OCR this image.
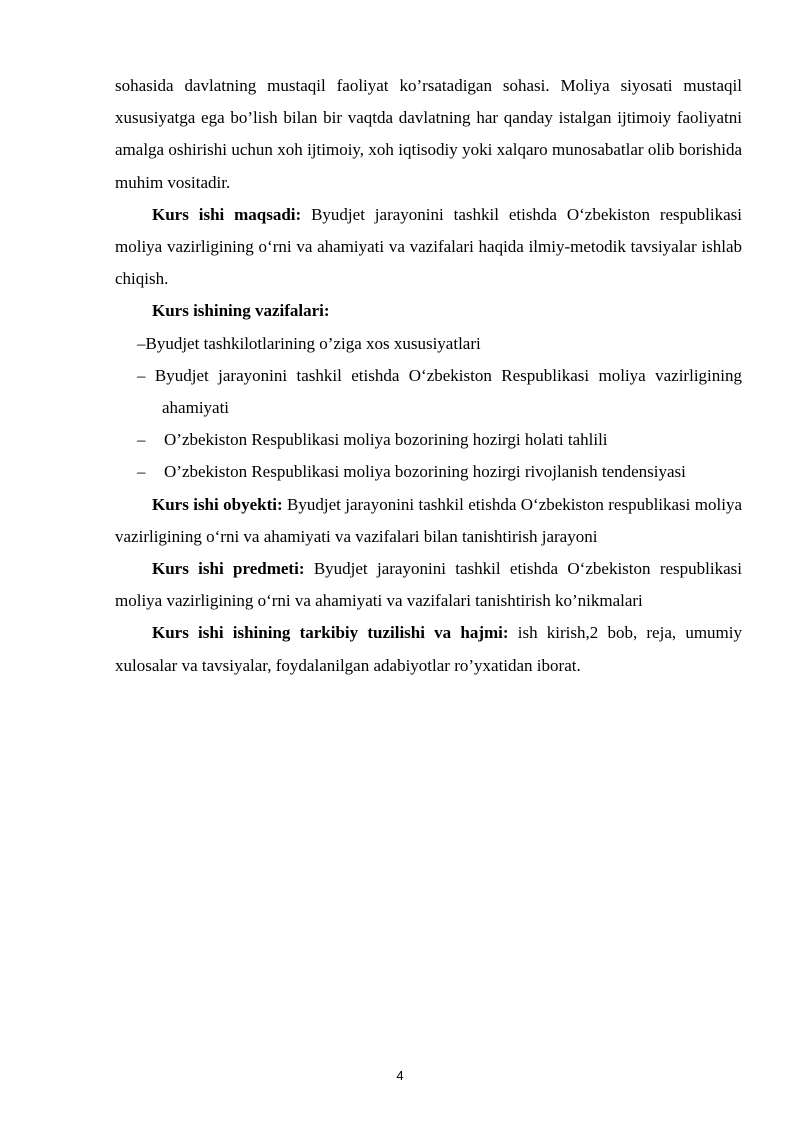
sohasida davlatning mustaqil faoliyat ko’rsatadigan sohasi. Moliya siyosati mustaqil xususiyatga ega bo’lish bilan bir vaqtda davlatning har qanday istalgan ijtimoiy faoliyatni amalga oshirishi uchun xoh ijtimoiy, xoh iqtisodiy yoki xalqaro munosabatlar olib borishida muhim vositadir.

Kurs ishi maqsadi: Byudjet jarayonini tashkil etishda O‘zbekiston respublikasi moliya vazirligining o‘rni va ahamiyati va vazifalari haqida ilmiy-metodik tavsiyalar ishlab chiqish.

Kurs ishining vazifalari:

–Byudjet tashkilotlarining o’ziga xos xususiyatlari
– Byudjet jarayonini tashkil etishda O‘zbekiston Respublikasi moliya vazirligining ahamiyati
– O’zbekiston Respublikasi moliya bozorining hozirgi holati tahlili
– O’zbekiston Respublikasi moliya bozorining hozirgi rivojlanish tendensiyasi

Kurs ishi obyekti: Byudjet jarayonini tashkil etishda O‘zbekiston respublikasi moliya vazirligining o‘rni va ahamiyati va vazifalari bilan tanishtirish jarayoni

Kurs ishi predmeti: Byudjet jarayonini tashkil etishda O‘zbekiston respublikasi moliya vazirligining o‘rni va ahamiyati va vazifalari tanishtirish ko’nikmalari

Kurs ishi ishining tarkibiy tuzilishi va hajmi: ish kirish,2 bob, reja, umumiy xulosalar va tavsiyalar, foydalanilgan adabiyotlar ro’yxatidan iborat.

4
